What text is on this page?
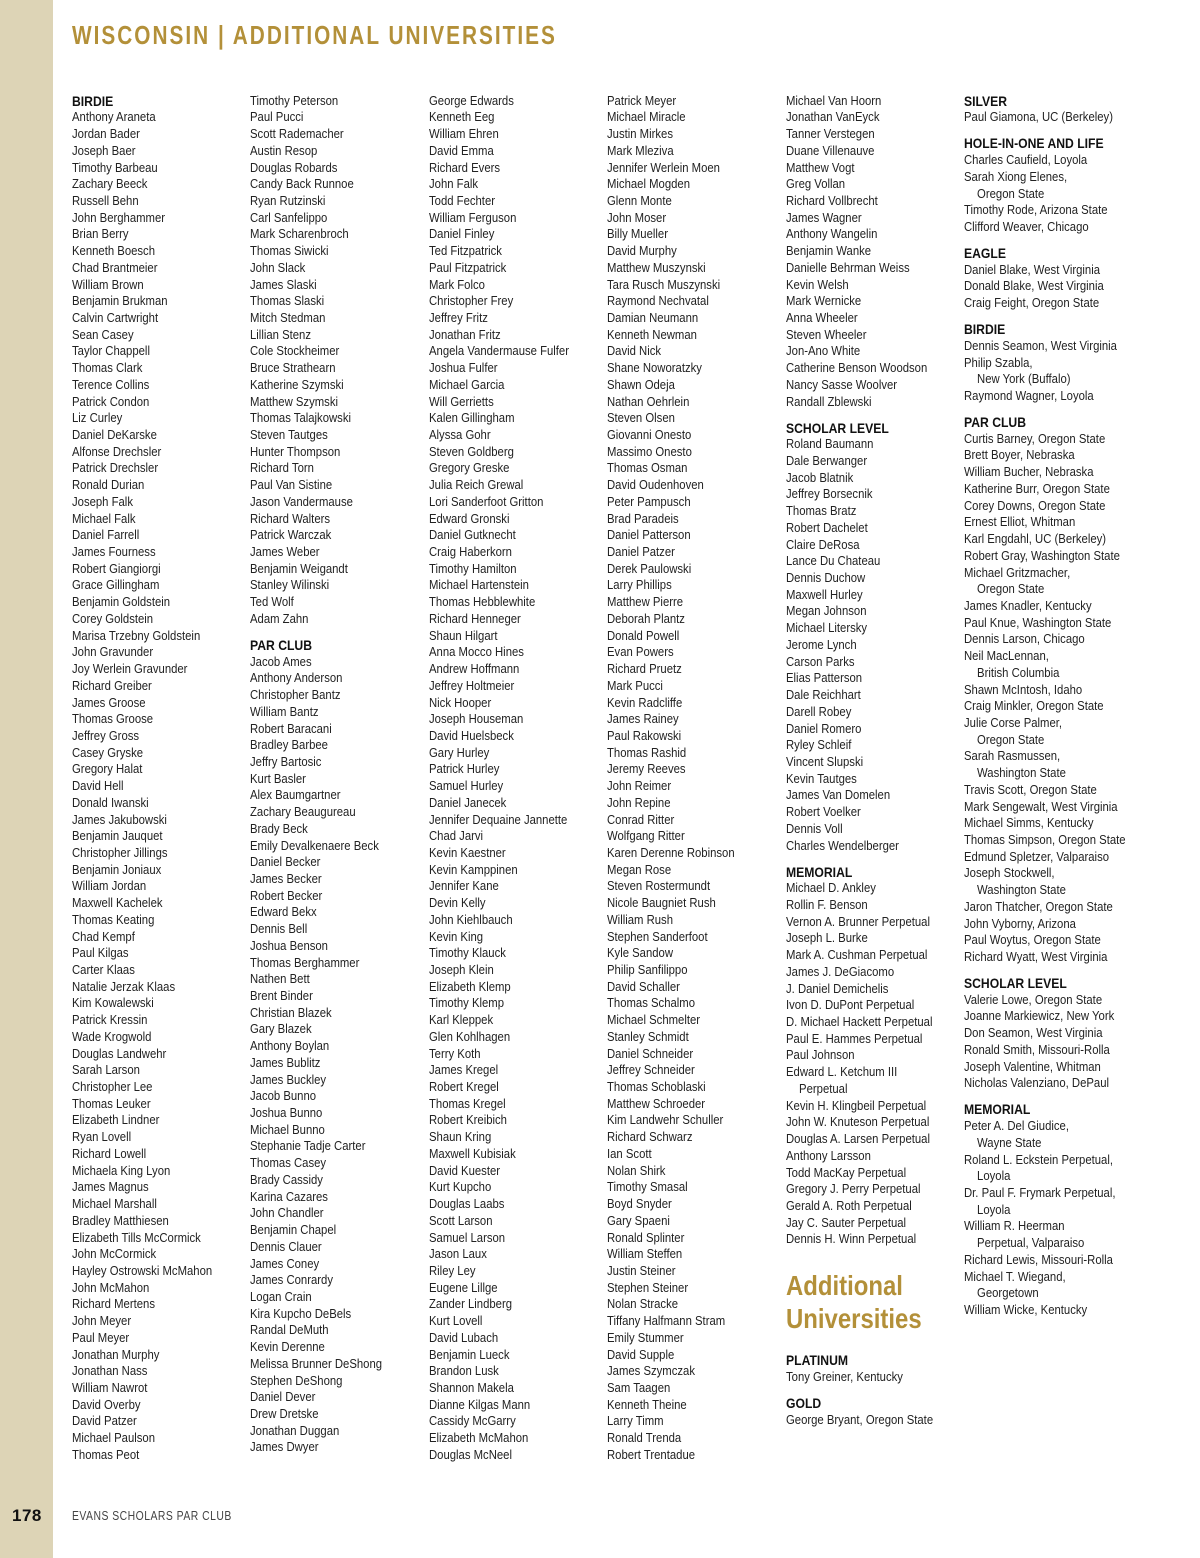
WISCONSIN | ADDITIONAL UNIVERSITIES
BIRDIE
Anthony Araneta
Jordan Bader
Joseph Baer
Timothy Barbeau
Zachary Beeck
Russell Behn
John Berghammer
Brian Berry
Kenneth Boesch
Chad Brantmeier
William Brown
Benjamin Brukman
Calvin Cartwright
Sean Casey
Taylor Chappell
Thomas Clark
Terence Collins
Patrick Condon
Liz Curley
Daniel DeKarske
Alfonse Drechsler
Patrick Drechsler
Ronald Durian
Joseph Falk
Michael Falk
Daniel Farrell
James Fourness
Robert Giangiorgi
Grace Gillingham
Benjamin Goldstein
Corey Goldstein
Marisa Trzebny Goldstein
John Gravunder
Joy Werlein Gravunder
Richard Greiber
James Groose
Thomas Groose
Jeffrey Gross
Casey Gryske
Gregory Halat
David Hell
Donald Iwanski
James Jakubowski
Benjamin Jauquet
Christopher Jillings
Benjamin Joniaux
William Jordan
Maxwell Kachelek
Thomas Keating
Chad Kempf
Paul Kilgas
Carter Klaas
Natalie Jerzak Klaas
Kim Kowalewski
Patrick Kressin
Wade Krogwold
Douglas Landwehr
Sarah Larson
Christopher Lee
Thomas Leuker
Elizabeth Lindner
Ryan Lovell
Richard Lowell
Michaela King Lyon
James Magnus
Michael Marshall
Bradley Matthiesen
Elizabeth Tills McCormick
John McCormick
Hayley Ostrowski McMahon
John McMahon
Richard Mertens
John Meyer
Paul Meyer
Jonathan Murphy
Jonathan Nass
William Nawrot
David Overby
David Patzer
Michael Paulson
Thomas Peot
Timothy Peterson
Paul Pucci
Scott Rademacher
Austin Resop
Douglas Robards
Candy Back Runnoe
Ryan Rutzinski
Carl Sanfelippo
Mark Scharenbroch
Thomas Siwicki
John Slack
James Slaski
Thomas Slaski
Mitch Stedman
Lillian Stenz
Cole Stockheimer
Bruce Strathearn
Katherine Szymski
Matthew Szymski
Thomas Talajkowski
Steven Tautges
Hunter Thompson
Richard Torn
Paul Van Sistine
Jason Vandermause
Richard Walters
Patrick Warczak
James Weber
Benjamin Weigandt
Stanley Wilinski
Ted Wolf
Adam Zahn
PAR CLUB
Jacob Ames
Anthony Anderson
Christopher Bantz
William Bantz
Robert Baracani
Bradley Barbee
Jeffry Bartosic
Kurt Basler
Alex Baumgartner
Zachary Beaugureau
Brady Beck
Emily Devalkenaere Beck
Daniel Becker
James Becker
Robert Becker
Edward Bekx
Dennis Bell
Joshua Benson
Thomas Berghammer
Nathen Bett
Brent Binder
Christian Blazek
Gary Blazek
Anthony Boylan
James Bublitz
James Buckley
Jacob Bunno
Joshua Bunno
Michael Bunno
Stephanie Tadje Carter
Thomas Casey
Brady Cassidy
Karina Cazares
John Chandler
Benjamin Chapel
Dennis Clauer
James Coney
James Conrardy
Logan Crain
Kira Kupcho DeBels
Randal DeMuth
Kevin Derenne
Melissa Brunner DeShong
Stephen DeShong
Daniel Dever
Drew Dretske
Jonathan Duggan
James Dwyer
George Edwards
Kenneth Eeg
William Ehren
David Emma
Richard Evers
John Falk
Todd Fechter
William Ferguson
Daniel Finley
Ted Fitzpatrick
Paul Fitzpatrick
Mark Folco
Christopher Frey
Jeffrey Fritz
Jonathan Fritz
Angela Vandermause Fulfer
Joshua Fulfer
Michael Garcia
Will Gerrietts
Kalen Gillingham
Alyssa Gohr
Steven Goldberg
Gregory Greske
Julia Reich Grewal
Lori Sanderfoot Gritton
Edward Gronski
Daniel Gutknecht
Craig Haberkorn
Timothy Hamilton
Michael Hartenstein
Thomas Hebblewhite
Richard Henneger
Shaun Hilgart
Anna Mocco Hines
Andrew Hoffmann
Jeffrey Holtmeier
Nick Hooper
Joseph Houseman
David Huelsbeck
Gary Hurley
Patrick Hurley
Samuel Hurley
Daniel Janecek
Jennifer Dequaine Jannette
Chad Jarvi
Kevin Kaestner
Kevin Kamppinen
Jennifer Kane
Devin Kelly
John Kiehlbauch
Kevin King
Timothy Klauck
Joseph Klein
Elizabeth Klemp
Timothy Klemp
Karl Kleppek
Glen Kohlhagen
Terry Koth
James Kregel
Robert Kregel
Thomas Kregel
Robert Kreibich
Shaun Kring
Maxwell Kubisiak
David Kuester
Kurt Kupcho
Douglas Laabs
Scott Larson
Samuel Larson
Jason Laux
Riley Ley
Eugene Lillge
Zander Lindberg
Kurt Lovell
David Lubach
Benjamin Lueck
Brandon Lusk
Shannon Makela
Dianne Kilgas Mann
Cassidy McGarry
Elizabeth McMahon
Douglas McNeel
Patrick Meyer
Michael Miracle
Justin Mirkes
Mark Mleziva
Jennifer Werlein Moen
Michael Mogden
Glenn Monte
John Moser
Billy Mueller
David Murphy
Matthew Muszynski
Tara Rusch Muszynski
Raymond Nechvatal
Damian Neumann
Kenneth Newman
David Nick
Shane Noworatzky
Shawn Odeja
Nathan Oehrlein
Steven Olsen
Giovanni Onesto
Massimo Onesto
Thomas Osman
David Oudenhoven
Peter Pampusch
Brad Paradeis
Daniel Patterson
Daniel Patzer
Derek Paulowski
Larry Phillips
Matthew Pierre
Deborah Plantz
Donald Powell
Evan Powers
Richard Pruetz
Mark Pucci
Kevin Radcliffe
James Rainey
Paul Rakowski
Thomas Rashid
Jeremy Reeves
John Reimer
John Repine
Conrad Ritter
Wolfgang Ritter
Karen Derenne Robinson
Megan Rose
Steven Rostermundt
Nicole Baugniet Rush
William Rush
Stephen Sanderfoot
Kyle Sandow
Philip Sanfilippo
David Schaller
Thomas Schalmo
Michael Schmelter
Stanley Schmidt
Daniel Schneider
Jeffrey Schneider
Thomas Schoblaski
Matthew Schroeder
Kim Landwehr Schuller
Richard Schwarz
Ian Scott
Nolan Shirk
Timothy Smasal
Boyd Snyder
Gary Spaeni
Ronald Splinter
William Steffen
Justin Steiner
Stephen Steiner
Nolan Stracke
Tiffany Halfmann Stram
Emily Stummer
David Supple
James Szymczak
Sam Taagen
Kenneth Theine
Larry Timm
Ronald Trenda
Robert Trentadue
Michael Van Hoorn
Jonathan VanEyck
Tanner Verstegen
Duane Villenauve
Matthew Vogt
Greg Vollan
Richard Vollbrecht
James Wagner
Anthony Wangelin
Benjamin Wanke
Danielle Behrman Weiss
Kevin Welsh
Mark Wernicke
Anna Wheeler
Steven Wheeler
Jon-Ano White
Catherine Benson Woodson
Nancy Sasse Woolver
Randall Zblewski
SCHOLAR LEVEL
Roland Baumann
Dale Berwanger
Jacob Blatnik
Jeffrey Borsecnik
Thomas Bratz
Robert Dachelet
Claire DeRosa
Lance Du Chateau
Dennis Duchow
Maxwell Hurley
Megan Johnson
Michael Litersky
Jerome Lynch
Carson Parks
Elias Patterson
Dale Reichhart
Darell Robey
Daniel Romero
Ryley Schleif
Vincent Slupski
Kevin Tautges
James Van Domelen
Robert Voelker
Dennis Voll
Charles Wendelberger
MEMORIAL
Michael D. Ankley
Rollin F. Benson
Vernon A. Brunner Perpetual
Joseph L. Burke
Mark A. Cushman Perpetual
James J. DeGiacomo
J. Daniel Demichelis
Ivon D. DuPont Perpetual
D. Michael Hackett Perpetual
Paul E. Hammes Perpetual
Paul Johnson
Edward L. Ketchum III
Perpetual
Kevin H. Klingbeil Perpetual
John W. Knuteson Perpetual
Douglas A. Larsen Perpetual
Anthony Larsson
Todd MacKay Perpetual
Gregory J. Perry Perpetual
Gerald A. Roth Perpetual
Jay C. Sauter Perpetual
Dennis H. Winn Perpetual
Additional Universities
PLATINUM
Tony Greiner, Kentucky
GOLD
George Bryant, Oregon State
SILVER
Paul Giamona, UC (Berkeley)
HOLE-IN-ONE AND LIFE
Charles Caufield, Loyola
Sarah Xiong Elenes,
Oregon State
Timothy Rode, Arizona State
Clifford Weaver, Chicago
EAGLE
Daniel Blake, West Virginia
Donald Blake, West Virginia
Craig Feight, Oregon State
BIRDIE
Dennis Seamon, West Virginia
Philip Szabla,
New York (Buffalo)
Raymond Wagner, Loyola
PAR CLUB
Curtis Barney, Oregon State
Brett Boyer, Nebraska
William Bucher, Nebraska
Katherine Burr, Oregon State
Corey Downs, Oregon State
Ernest Elliot, Whitman
Karl Engdahl, UC (Berkeley)
Robert Gray, Washington State
Michael Gritzmacher,
Oregon State
James Knadler, Kentucky
Paul Knue, Washington State
Dennis Larson, Chicago
Neil MacLennan,
British Columbia
Shawn McIntosh, Idaho
Craig Minkler, Oregon State
Julie Corse Palmer,
Oregon State
Sarah Rasmussen,
Washington State
Travis Scott, Oregon State
Mark Sengewalt, West Virginia
Michael Simms, Kentucky
Thomas Simpson, Oregon State
Edmund Spletzer, Valparaiso
Joseph Stockwell,
Washington State
Jaron Thatcher, Oregon State
John Vyborny, Arizona
Paul Woytus, Oregon State
Richard Wyatt, West Virginia
SCHOLAR LEVEL
Valerie Lowe, Oregon State
Joanne Markiewicz, New York
Don Seamon, West Virginia
Ronald Smith, Missouri-Rolla
Joseph Valentine, Whitman
Nicholas Valenziano, DePaul
MEMORIAL
Peter A. Del Giudice,
Wayne State
Roland L. Eckstein Perpetual,
Loyola
Dr. Paul F. Frymark Perpetual,
Loyola
William R. Heerman
Perpetual, Valparaiso
Richard Lewis, Missouri-Rolla
Michael T. Wiegand,
Georgetown
William Wicke, Kentucky
178 EVANS SCHOLARS PAR CLUB
